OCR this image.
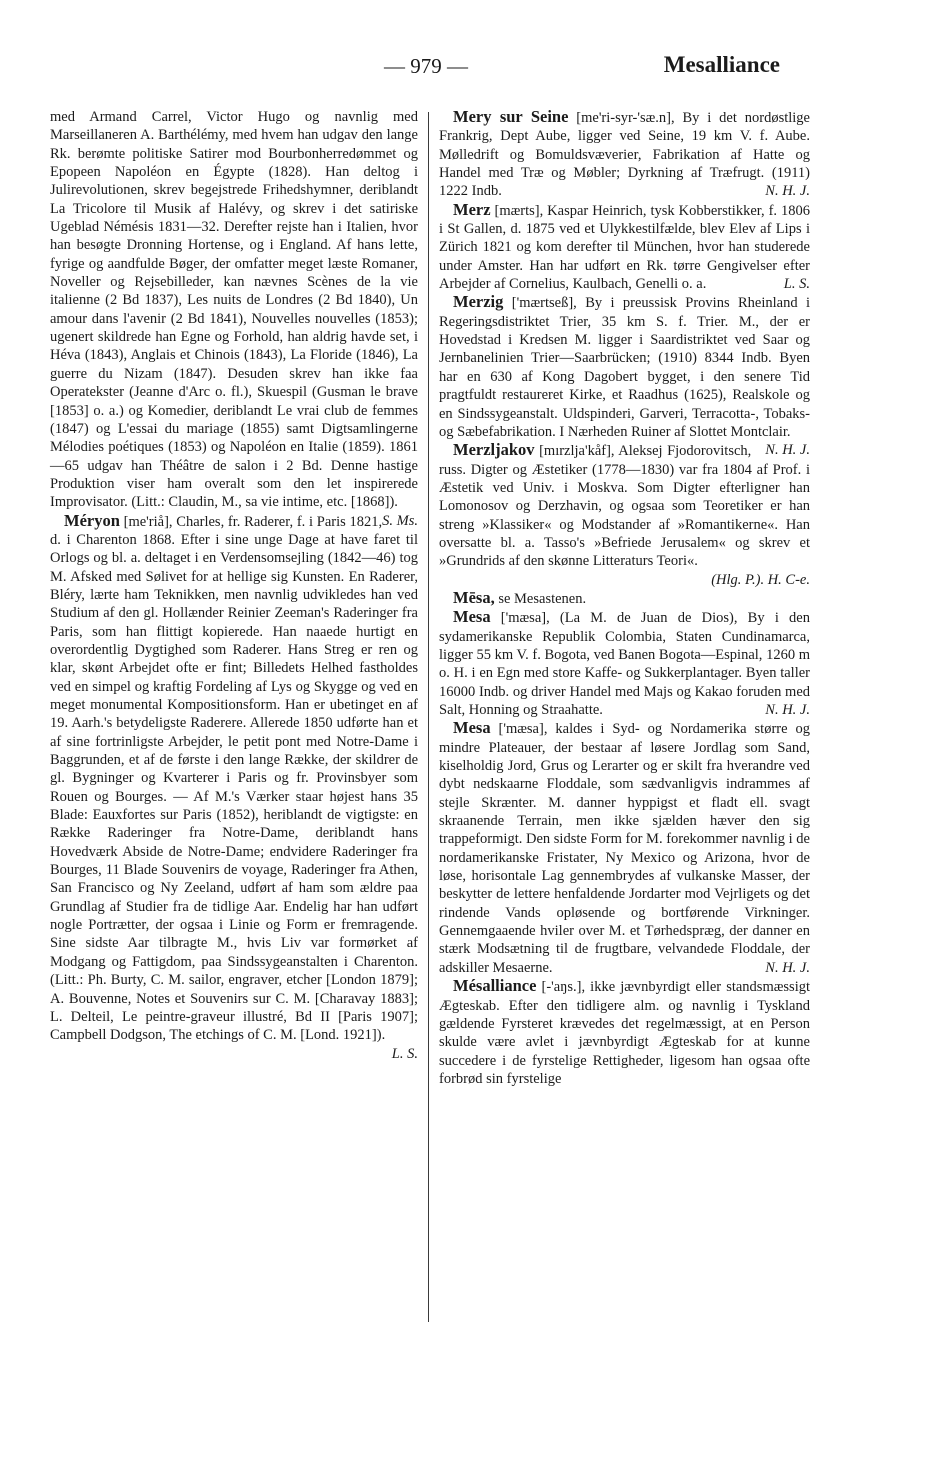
— 979 —	Mesalliance

med Armand Carrel, Victor Hugo og navnlig med Marseillaneren A. Barthélémy, med hvem han udgav den lange Rk. berømte politiske Satirer mod Bourbonherredømmet og Epopeen Napoléon en Égypte (1828). Han deltog i Julirevolutionen, skrev begejstrede Frihedshymner, deriblandt La Tricolore til Musik af Halévy, og skrev i det satiriske Ugeblad Némésis 1831—32. Derefter rejste han i Italien, hvor han besøgte Dronning Hortense, og i England. Af hans lette, fyrige og aandfulde Bøger, der omfatter meget læste Romaner, Noveller og Rejsebilleder, kan nævnes Scènes de la vie italienne (2 Bd 1837), Les nuits de Londres (2 Bd 1840), Un amour dans l'avenir (2 Bd 1841), Nouvelles nouvelles (1853); ugenert skildrede han Egne og Forhold, han aldrig havde set, i Héva (1843), Anglais et Chinois (1843), La Floride (1846), La guerre du Nizam (1847). Desuden skrev han ikke faa Operatekster (Jeanne d'Arc o. fl.), Skuespil (Gusman le brave [1853] o. a.) og Komedier, deriblandt Le vrai club de femmes (1847) og L'essai du mariage (1855) samt Digtsamlingerne Mélodies poétiques (1853) og Napoléon en Italie (1859). 1861—65 udgav han Théâtre de salon i 2 Bd. Denne hastige Produktion viser ham overalt som den let inspirerede Improvisator. (Litt.: Claudin, M., sa vie intime, etc. [1868]).
S. Ms.

Méryon [me'riå], Charles, fr. Raderer, f. i Paris 1821, d. i Charenton 1868. Efter i sine unge Dage at have faret til Orlogs og bl. a. deltaget i en Verdensomsejling (1842—46) tog M. Afsked med Sølivet for at hellige sig Kunsten. En Raderer, Bléry, lærte ham Teknikken, men navnlig udvikledes han ved Studium af den gl. Hollænder Reinier Zeeman's Raderinger fra Paris, som han flittigt kopierede. Han naaede hurtigt en overordentlig Dygtighed som Raderer. Hans Streg er ren og klar, skønt Arbejdet ofte er fint; Billedets Helhed fastholdes ved en simpel og kraftig Fordeling af Lys og Skygge og ved en meget monumental Kompositionsform. Han er ubetinget en af 19. Aarh.'s betydeligste Raderere. Allerede 1850 udførte han et af sine fortrinligste Arbejder, le petit pont med Notre-Dame i Baggrunden, et af de første i den lange Række, der skildrer de gl. Bygninger og Kvarterer i Paris og fr. Provinsbyer som Rouen og Bourges. — Af M.'s Værker staar højest hans 35 Blade: Eauxfortes sur Paris (1852), heriblandt de vigtigste: en Række Raderinger fra Notre-Dame, deriblandt hans Hovedværk Abside de Notre-Dame; endvidere Raderinger fra Bourges, 11 Blade Souvenirs de voyage, Raderinger fra Athen, San Francisco og Ny Zeeland, udført af ham som ældre paa Grundlag af Studier fra de tidlige Aar. Endelig har han udført nogle Portrætter, der ogsaa i Linie og Form er fremragende. Sine sidste Aar tilbragte M., hvis Liv var formørket af Modgang og Fattigdom, paa Sindssygeanstalten i Charenton. (Litt.: Ph. Burty, C. M. sailor, engraver, etcher [London 1879]; A. Bouvenne, Notes et Souvenirs sur C. M. [Charavay 1883]; L. Delteil, Le peintre-graveur illustré, Bd II [Paris 1907]; Campbell Dodgson, The etchings of C. M. [Lond. 1921]).
L. S.

Mery sur Seine [me'ri-syr-'sæ.n], By i det nordøstlige Frankrig, Dept Aube, ligger ved Seine, 19 km V. f. Aube. Mølledrift og Bomuldsvæverier, Fabrikation af Hatte og Handel med Træ og Møbler; Dyrkning af Træfrugt. (1911) 1222 Indb.	N. H. J.

Merz [mærts], Kaspar Heinrich, tysk Kobberstikker, f. 1806 i St Gallen, d. 1875 ved et Ulykkestilfælde, blev Elev af Lips i Zürich 1821 og kom derefter til München, hvor han studerede under Amster. Han har udført en Rk. tørre Gengivelser efter Arbejder af Cornelius, Kaulbach, Genelli o. a.	L. S.

Merzig ['mærtseß], By i preussisk Provins Rheinland i Regeringsdistriktet Trier, 35 km S. f. Trier. M., der er Hovedstad i Kredsen M. ligger i Saardistriktet ved Saar og Jernbanelinien Trier—Saarbrücken; (1910) 8344 Indb. Byen har en 630 af Kong Dagobert bygget, i den senere Tid pragtfuldt restaureret Kirke, et Raadhus (1625), Realskole og en Sindssygeanstalt. Uldspinderi, Garveri, Terracotta-, Tobaks- og Sæbefabrikation. I Nærheden Ruiner af Slottet Montclair.
N. H. J.

Merzljakov [mırzlja'kåf], Aleksej Fjodorovitsch, russ. Digter og Æstetiker (1778—1830) var fra 1804 af Prof. i Æstetik ved Univ. i Moskva. Som Digter efterligner han Lomonosov og Derzhavin, og ogsaa som Teoretiker er han streng »Klassiker« og Modstander af »Romantikerne«. Han oversatte bl. a. Tasso's »Befriede Jerusalem« og skrev et »Grundrids af den skønne Litteraturs Teori«.
(Hlg. P.). H. C-e.

Mēsa, se Mesastenen.

Mesa ['mæsa], (La M. de Juan de Dios), By i den sydamerikanske Republik Colombia, Staten Cundinamarca, ligger 55 km V. f. Bogota, ved Banen Bogota—Espinal, 1260 m o. H. i en Egn med store Kaffe- og Sukkerplantager. Byen taller 16000 Indb. og driver Handel med Majs og Kakao foruden med Salt, Honning og Straahatte.	N. H. J.

Mesa ['mæsa], kaldes i Syd- og Nordamerika større og mindre Plateauer, der bestaar af løsere Jordlag som Sand, kiselholdig Jord, Grus og Lerarter og er skilt fra hverandre ved dybt nedskaarne Floddale, som sædvanligvis indrammes af stejle Skrænter. M. danner hyppigst et fladt ell. svagt skraanende Terrain, men ikke sjælden hæver den sig trappeformigt. Den sidste Form for M. forekommer navnlig i de nordamerikanske Fristater, Ny Mexico og Arizona, hvor de løse, horisontale Lag gennembrydes af vulkanske Masser, der beskytter de lettere henfaldende Jordarter mod Vejrligets og det rindende Vands opløsende og bortførende Virkninger. Gennemgaaende hviler over M. et Tørhedspræg, der danner en stærk Modsætning til de frugtbare, velvandede Floddale, der adskiller Mesaerne.	N. H. J.

Mésalliance [-'aŋs.], ikke jævnbyrdigt eller standsmæssigt Ægteskab. Efter den tidligere alm. og navnlig i Tyskland gældende Fyrsteret krævedes det regelmæssigt, at en Person skulde være avlet i jævnbyrdigt Ægteskab for at kunne succedere i de fyrstelige Rettigheder, ligesom han ogsaa ofte forbrød sin fyrstelige
